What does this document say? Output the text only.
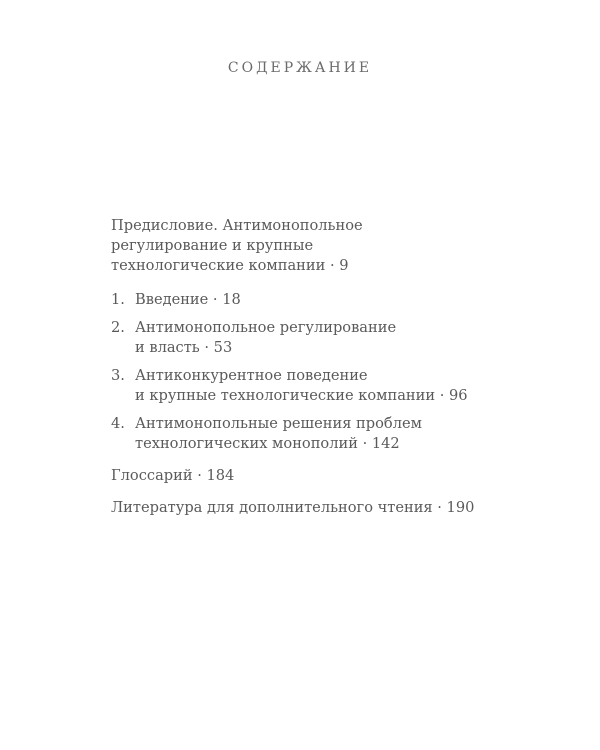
СОДЕРЖАНИЕ
Предисловие. Антимонопольное
регулирование и крупные
технологические компании · 9
1. Введение · 18
2. Антимонопольное регулирование
и власть · 53
3. Антиконкурентное поведение
и крупные технологические компании · 96
4. Антимонопольные решения проблем
технологических монополий · 142
Глоссарий · 184
Литература для дополнительного чтения · 190
